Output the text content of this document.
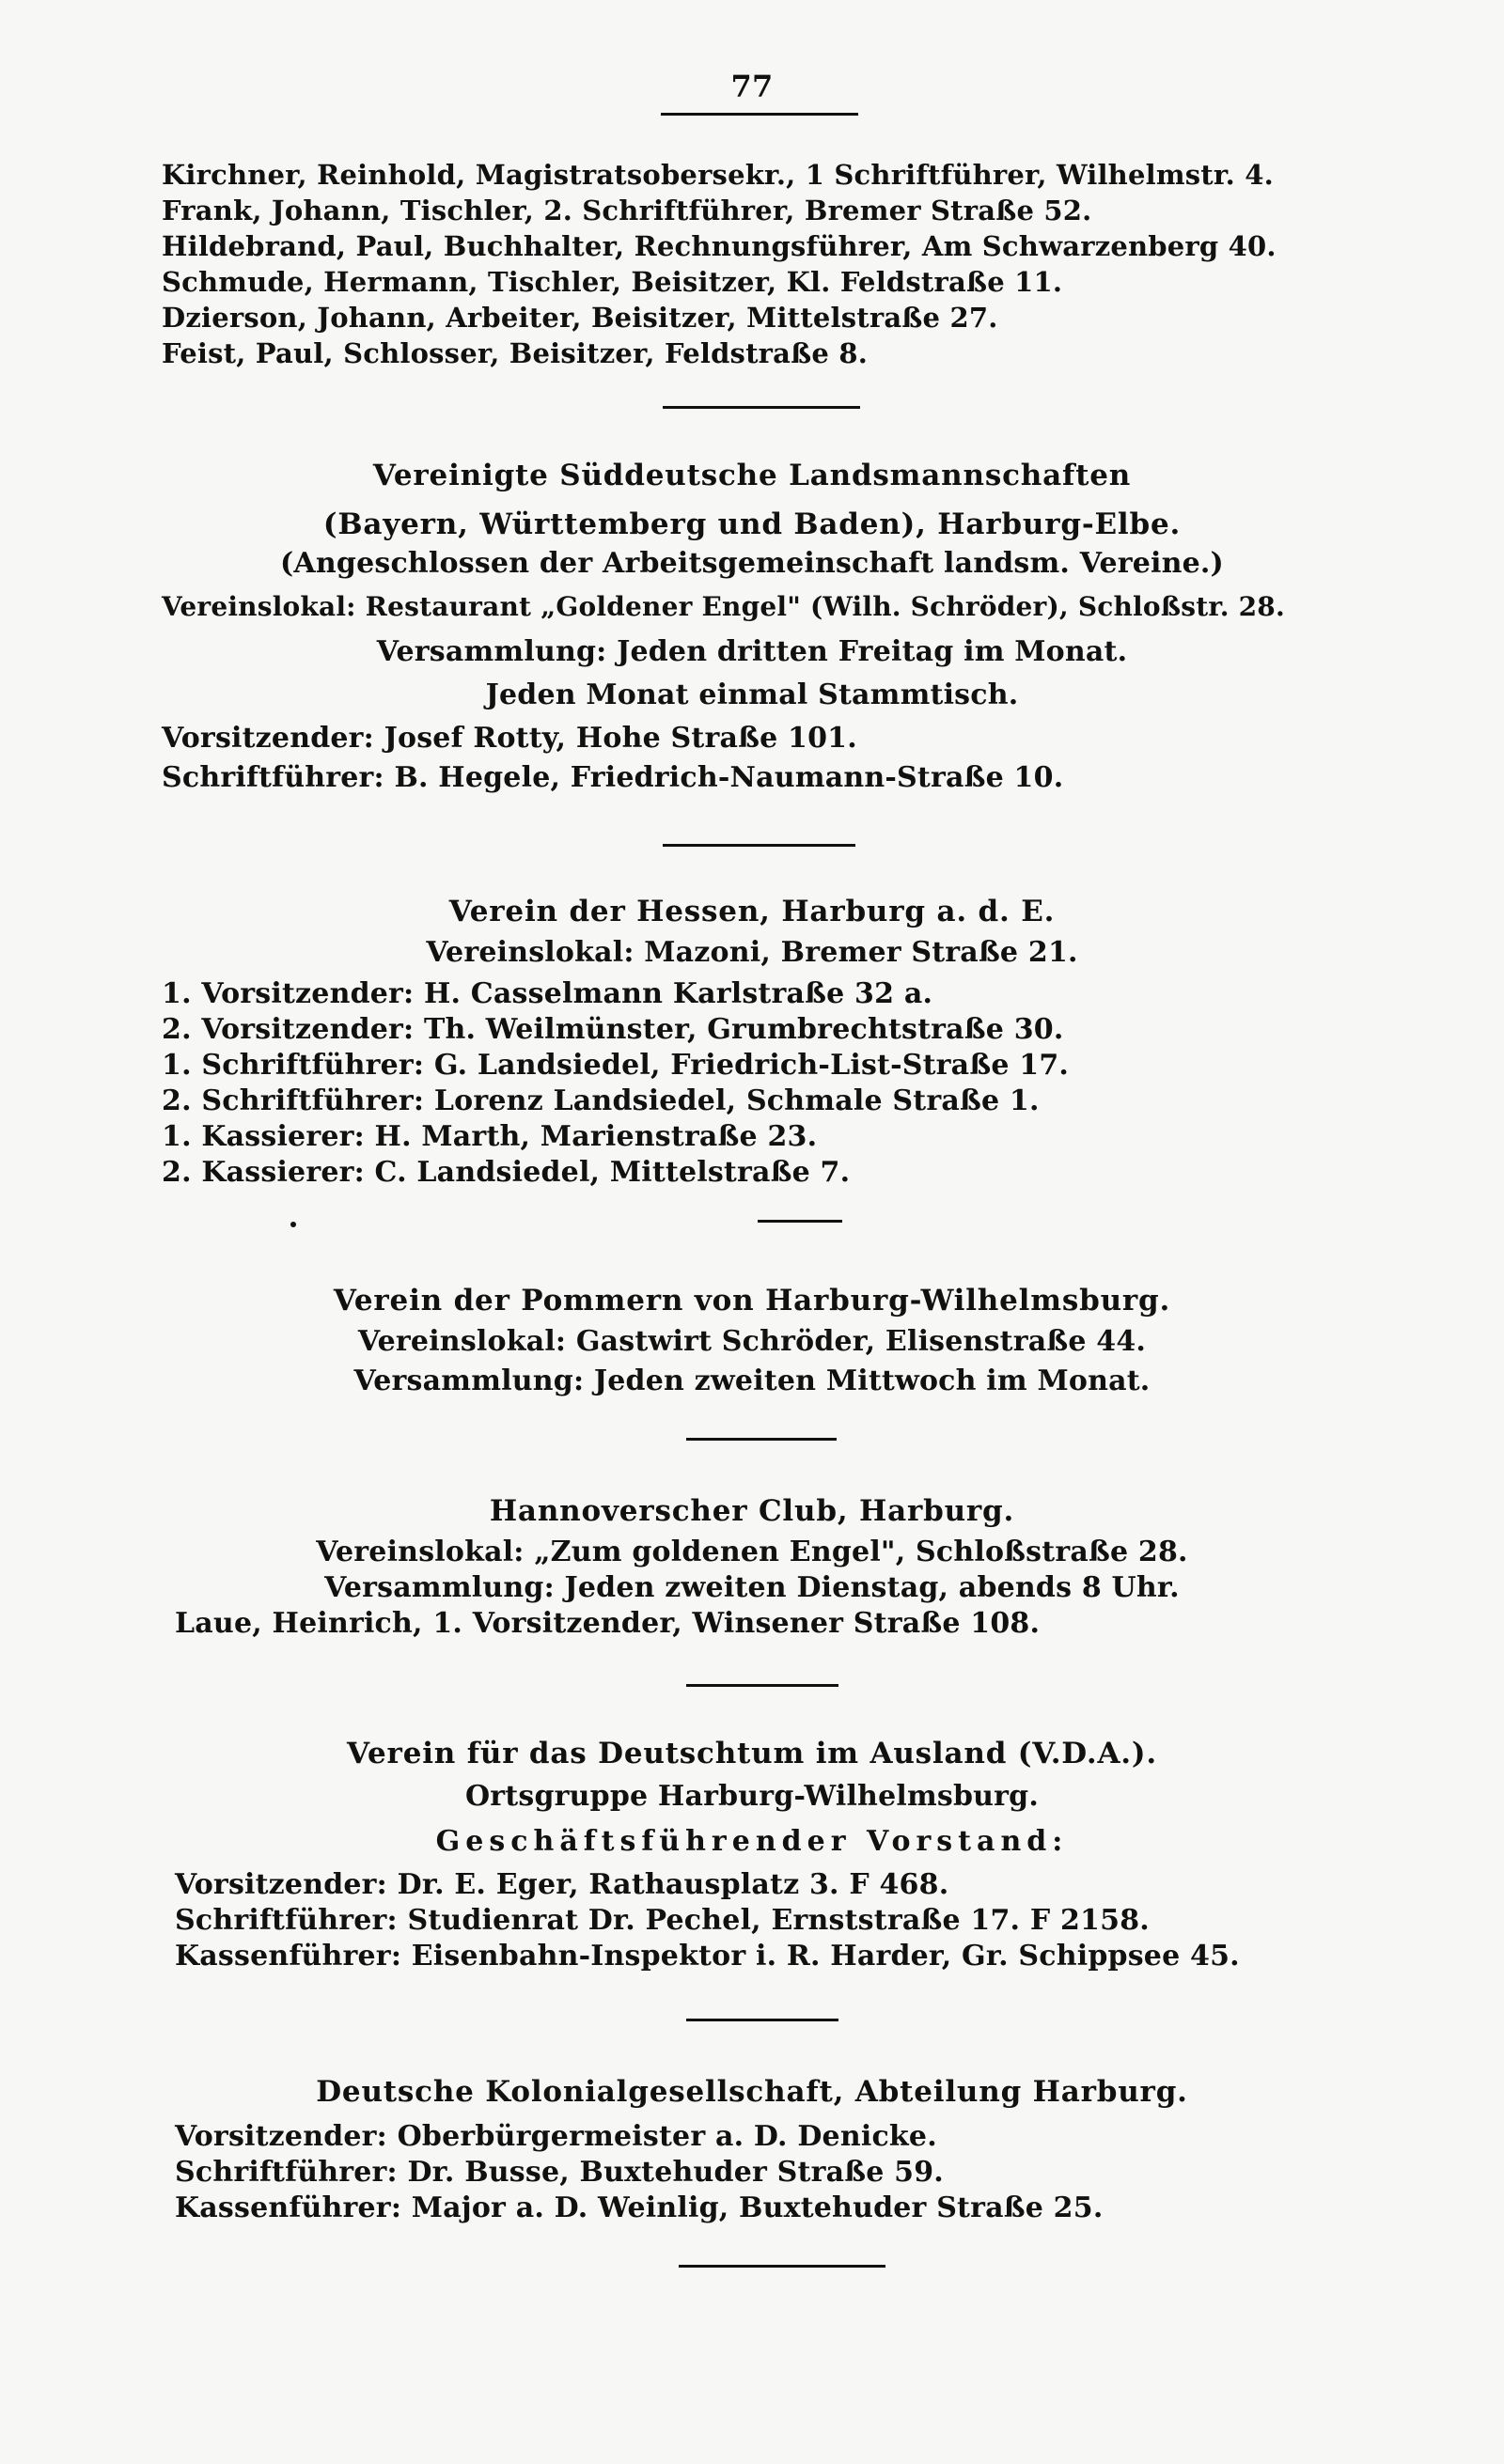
77
Kirchner, Reinhold, Magistratsobersekr., 1 Schriftführer, Wilhelmstr. 4.
Frank, Johann, Tischler, 2. Schriftführer, Bremer Straße 52.
Hildebrand, Paul, Buchhalter, Rechnungsführer, Am Schwarzenberg 40.
Schmude, Hermann, Tischler, Beisitzer, Kl. Feldstraße 11.
Dzierson, Johann, Arbeiter, Beisitzer, Mittelstraße 27.
Feist, Paul, Schlosser, Beisitzer, Feldstraße 8.
Vereinigte Süddeutsche Landsmannschaften
(Bayern, Württemberg und Baden), Harburg-Elbe.
(Angeschlossen der Arbeitsgemeinschaft landsm. Vereine.)
Vereinslokal: Restaurant „Goldener Engel" (Wilh. Schröder), Schloßstr. 28.
Versammlung: Jeden dritten Freitag im Monat.
Jeden Monat einmal Stammtisch.
Vorsitzender: Josef Rotty, Hohe Straße 101.
Schriftführer: B. Hegele, Friedrich-Naumann-Straße 10.
Verein der Hessen, Harburg a. d. E.
Vereinslokal: Mazoni, Bremer Straße 21.
1. Vorsitzender: H. Casselmann Karlstraße 32 a.
2. Vorsitzender: Th. Weilmünster, Grumbrechtstraße 30.
1. Schriftführer: G. Landsiedel, Friedrich-List-Straße 17.
2. Schriftführer: Lorenz Landsiedel, Schmale Straße 1.
1. Kassierer: H. Marth, Marienstraße 23.
2. Kassierer: C. Landsiedel, Mittelstraße 7.
Verein der Pommern von Harburg-Wilhelmsburg.
Vereinslokal: Gastwirt Schröder, Elisenstraße 44.
Versammlung: Jeden zweiten Mittwoch im Monat.
Hannoverscher Club, Harburg.
Vereinslokal: „Zum goldenen Engel", Schloßstraße 28.
Versammlung: Jeden zweiten Dienstag, abends 8 Uhr.
Laue, Heinrich, 1. Vorsitzender, Winsener Straße 108.
Verein für das Deutschtum im Ausland (V.D.A.).
Ortsgruppe Harburg-Wilhelmsburg.
Geschäftsführender Vorstand:
Vorsitzender: Dr. E. Eger, Rathausplatz 3. F 468.
Schriftführer: Studienrat Dr. Pechel, Ernststraße 17. F 2158.
Kassenführer: Eisenbahn-Inspektor i. R. Harder, Gr. Schippsee 45.
Deutsche Kolonialgesellschaft, Abteilung Harburg.
Vorsitzender: Oberbürgermeister a. D. Denicke.
Schriftführer: Dr. Busse, Buxtehuder Straße 59.
Kassenführer: Major a. D. Weinlig, Buxtehuder Straße 25.
